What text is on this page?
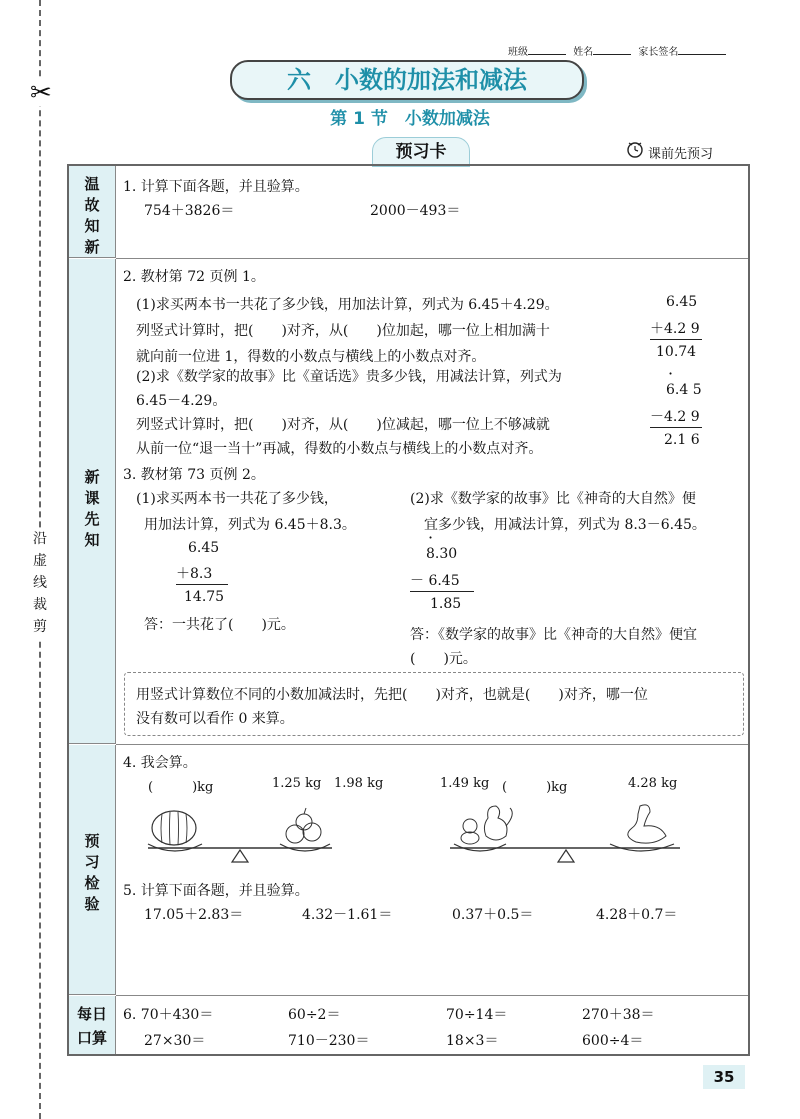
✂
沿
虚
线
裁
剪
班级	姓名	家长签名
六　小数的加法和减法
第 1 节　小数加减法
预习卡	课前先预习
温
故
知
新
新
课
先
知
预
习
检
验
每日
口算
1. 计算下面各题，并且验算。
754＋3826＝	2000－493＝
2. 教材第 72 页例 1。
(1)求买两本书一共花了多少钱，用加法计算，列式为 6.45＋4.29。
列竖式计算时，把(　　)对齐，从(　　)位加起，哪一位上相加满十
就向前一位进 1，得数的小数点与横线上的小数点对齐。
(2)求《数学家的故事》比《童话选》贵多少钱，用减法计算，列式为
6.45－4.29。
列竖式计算时，把(　　)对齐，从(　　)位减起，哪一位上不够减就
从前一位“退一当十”再减，得数的小数点与横线上的小数点对齐。
6.45
＋4.2 9
10.74
·
6.4 5
－4.2 9
2.1 6
3. 教材第 73 页例 2。
(1)求买两本书一共花了多少钱，
用加法计算，列式为 6.45＋8.3。
6.45
＋8.3
14.75
答：一共花了(　　)元。
(2)求《数学家的故事》比《神奇的大自然》便
宜多少钱，用减法计算，列式为 8.3－6.45。
·
8.30
－ 6.45
1.85
答：《数学家的故事》比《神奇的大自然》便宜
(　　)元。
用竖式计算数位不同的小数加减法时，先把(　　)对齐，也就是(　　)对齐，哪一位
没有数可以看作 0 来算。
4. 我会算。
(　　　)kg	1.25 kg 1.98 kg	1.49 kg (　　　)kg	4.28 kg
5. 计算下面各题，并且验算。
17.05＋2.83＝	4.32－1.61＝	0.37＋0.5＝	4.28＋0.7＝
6. 70＋430＝	60÷2＝	70÷14＝	270＋38＝
27×30＝	710－230＝	18×3＝	600÷4＝
35
